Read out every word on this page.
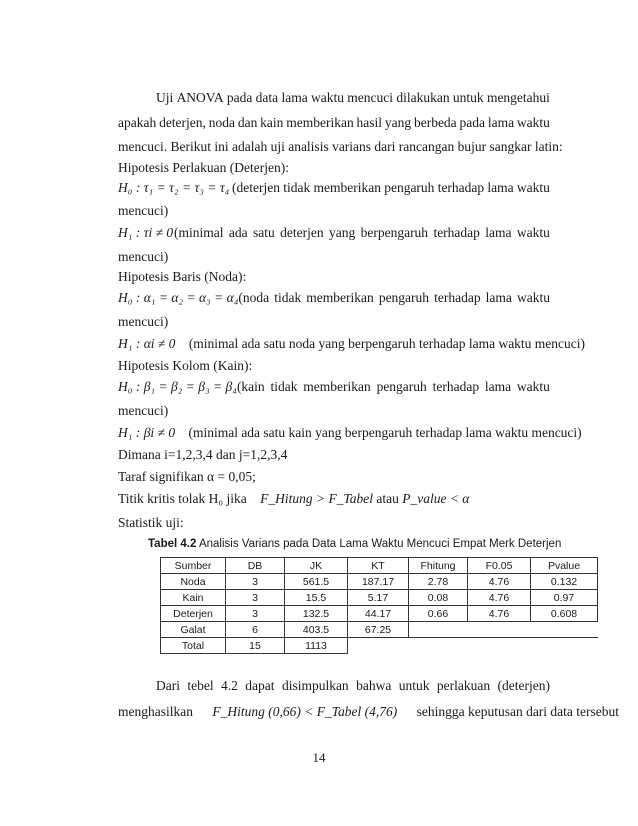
Uji ANOVA pada data lama waktu mencuci dilakukan untuk mengetahui
apakah deterjen, noda dan kain memberikan hasil yang berbeda pada lama waktu
mencuci. Berikut ini adalah uji analisis varians dari rancangan bujur sangkar latin:
Hipotesis Perlakuan (Deterjen):
H₀ : τ₁ = τ₂ = τ₃ = τ₄ (deterjen tidak memberikan pengaruh terhadap lama waktu
mencuci)
H₁ : τi ≠ 0 (minimal ada satu deterjen yang berpengaruh terhadap lama waktu
mencuci)
Hipotesis Baris (Noda):
H₀ : α₁ = α₂ = α₃ = α₄ (noda tidak memberikan pengaruh terhadap lama waktu
mencuci)
H₁ : αi ≠ 0 (minimal ada satu noda yang berpengaruh terhadap lama waktu mencuci)
Hipotesis Kolom (Kain):
H₀ : β₁ = β₂ = β₃ = β₄ (kain tidak memberikan pengaruh terhadap lama waktu
mencuci)
H₁ : βi ≠ 0 (minimal ada satu kain yang berpengaruh terhadap lama waktu mencuci)
Dimana i=1,2,3,4 dan j=1,2,3,4
Taraf signifikan α = 0,05;
Titik kritis tolak H₀ jika F_Hitung > F_Tabel atau P_value < α
Statistik uji:
Tabel 4.2 Analisis Varians pada Data Lama Waktu Mencuci Empat Merk Deterjen
Sumber	DB	JK	KT	Fhitung	F0.05	Pvalue
Noda	3	561.5	187.17	2.78	4.76	0.132
Kain	3	15.5	5.17	0.08	4.76	0.97
Deterjen	3	132.5	44.17	0.66	4.76	0.608
Galat	6	403.5	67.25			
Total	15	1113				
Dari tebel 4.2 dapat disimpulkan bahwa untuk perlakuan (deterjen)
menghasilkan F_Hitung (0,66) < F_Tabel (4,76) sehingga keputusan dari data tersebut
14
